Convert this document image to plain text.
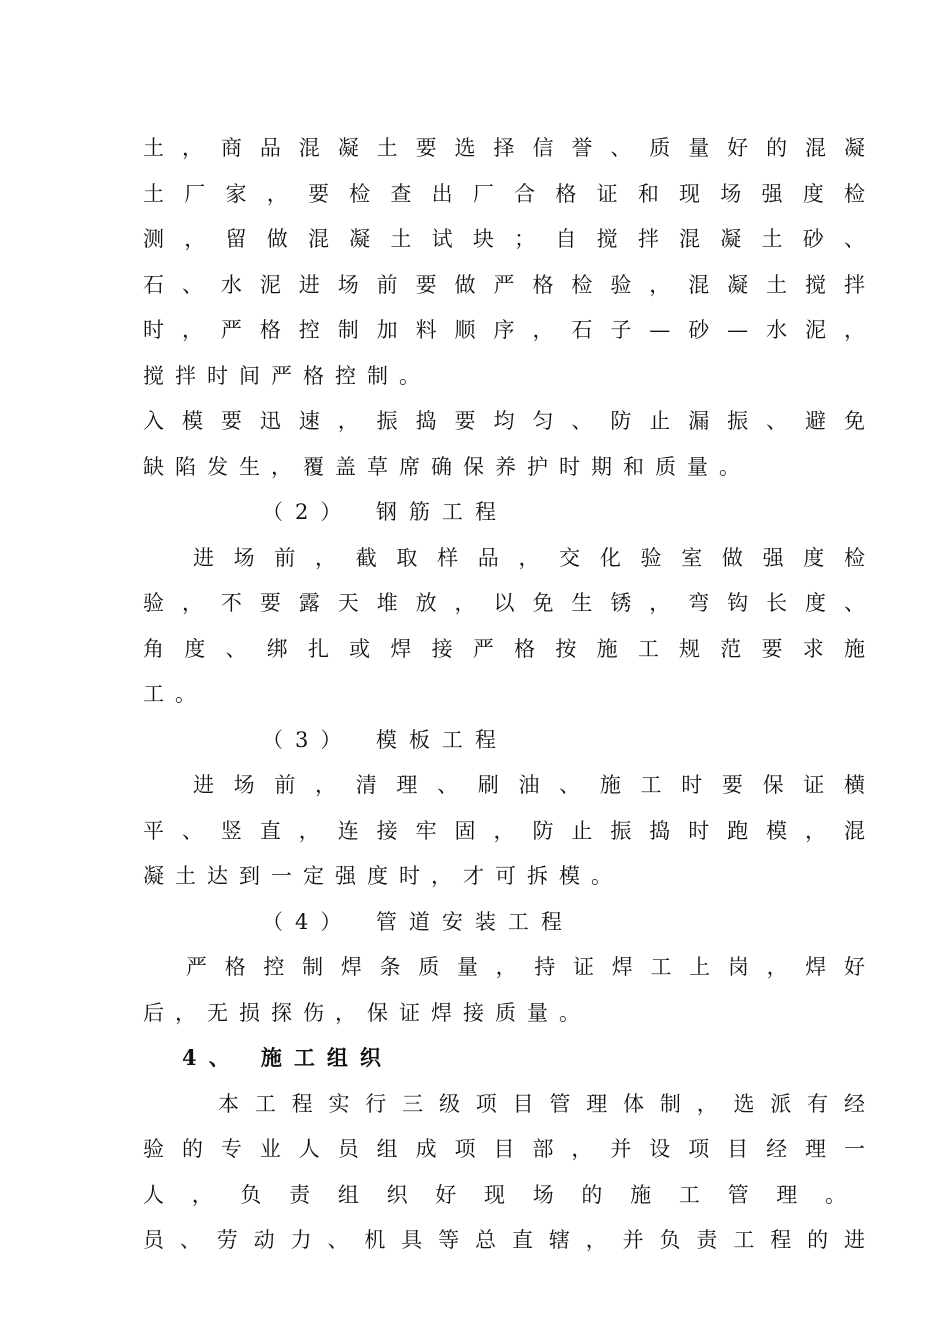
土，商品混凝土要选择信誉、质量好的混凝
土厂家，要检查出厂合格证和现场强度检
测，留做混凝土试块；自搅拌混凝土砂、
石、水泥进场前要做严格检验，混凝土搅拌
时，严格控制加料顺序，石子—砂—水泥，
搅拌时间严格控制。
入模要迅速，振捣要均匀、防止漏振、避免
缺陷发生，覆盖草席确保养护时期和质量。
（2）　钢筋工程
进场前，截取样品，交化验室做强度检
验，不要露天堆放，以免生锈，弯钩长度、
角度、绑扎或焊接严格按施工规范要求施
工。
（3）　模板工程
进场前，清理、刷油、施工时要保证横
平、竖直，连接牢固，防止振捣时跑模，混
凝土达到一定强度时，才可拆模。
（4）　管道安装工程
严格控制焊条质量，持证焊工上岗，焊好
后，无损探伤，保证焊接质量。
4、 施工组织
本工程实行三级项目管理体制，选派有经
验的专业人员组成项目部，并设项目经理一
人，负责组织好现场的施工管理。
员、劳动力、机具等总直辖，并负责工程的进
